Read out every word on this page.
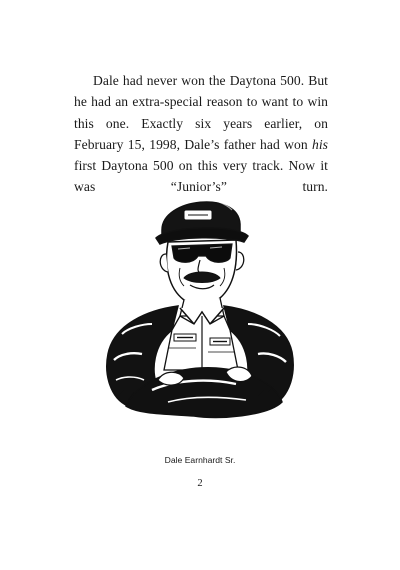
Dale had never won the Daytona 500. But he had an extra-special reason to want to win this one. Exactly six years earlier, on February 15, 1998, Dale’s father had won his first Daytona 500 on this very track. Now it was “Junior’s” turn.

Dale Earnhardt Sr.

2
